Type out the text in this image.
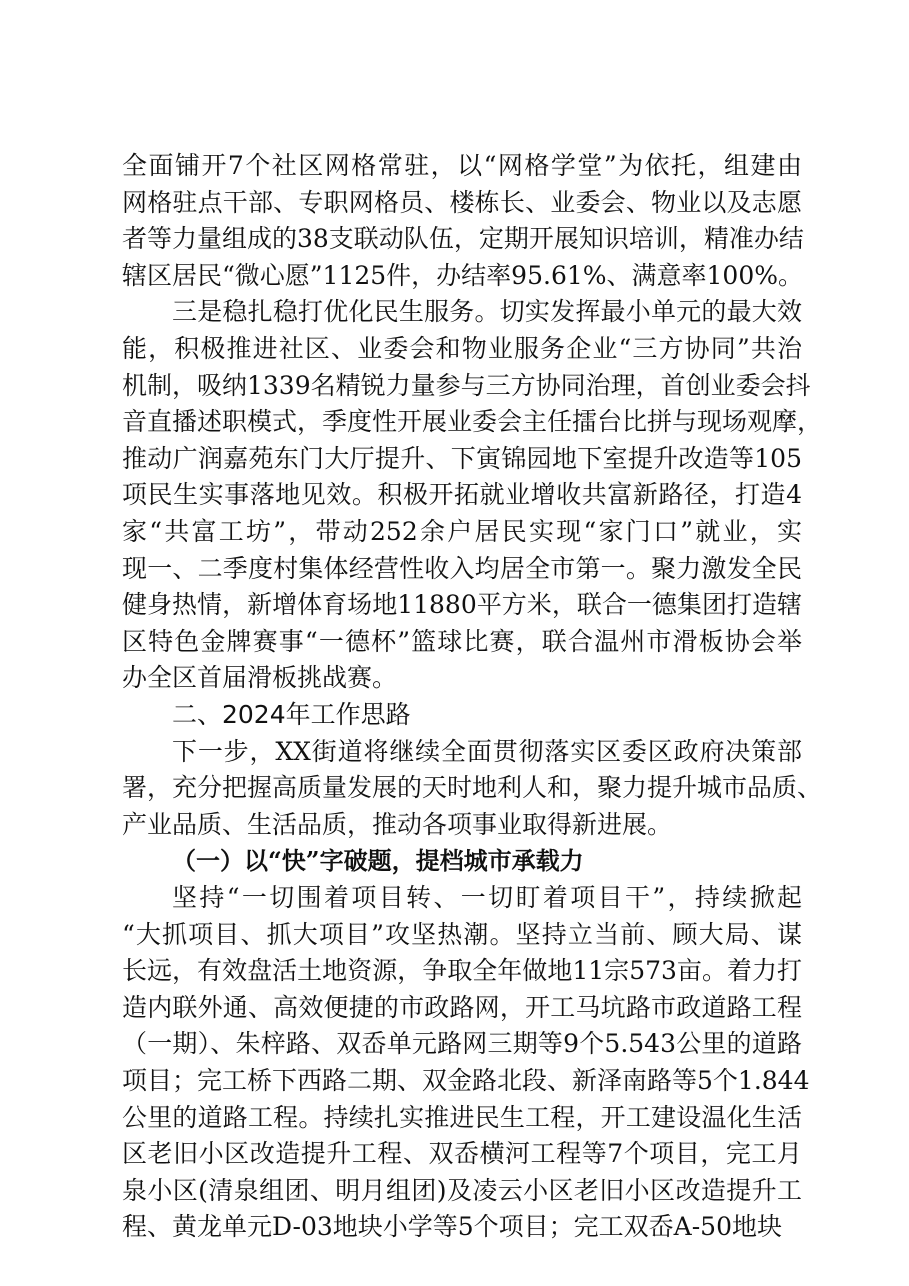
全面铺开7个社区网格常驻，以“网格学堂”为依托，组建由
网格驻点干部、专职网格员、楼栋长、业委会、物业以及志愿
者等力量组成的38支联动队伍，定期开展知识培训，精准办结
辖区居民“微心愿”1125件，办结率95.61%、满意率100%。
三是稳扎稳打优化民生服务。切实发挥最小单元的最大效
能，积极推进社区、业委会和物业服务企业“三方协同”共治
机制，吸纳1339名精锐力量参与三方协同治理，首创业委会抖
音直播述职模式，季度性开展业委会主任擂台比拼与现场观摩，
推动广润嘉苑东门大厅提升、下寅锦园地下室提升改造等105
项民生实事落地见效。积极开拓就业增收共富新路径，打造4
家“共富工坊”，带动252余户居民实现“家门口”就业，实
现一、二季度村集体经营性收入均居全市第一。聚力激发全民
健身热情，新增体育场地11880平方米，联合一德集团打造辖
区特色金牌赛事“一德杯”篮球比赛，联合温州市滑板协会举
办全区首届滑板挑战赛。
二、2024年工作思路
下一步，XX街道将继续全面贯彻落实区委区政府决策部
署，充分把握高质量发展的天时地利人和，聚力提升城市品质、
产业品质、生活品质，推动各项事业取得新进展。
（一）以“快”字破题，提档城市承载力
坚持“一切围着项目转、一切盯着项目干”，持续掀起
“大抓项目、抓大项目”攻坚热潮。坚持立当前、顾大局、谋
长远，有效盘活土地资源，争取全年做地11宗573亩。着力打
造内联外通、高效便捷的市政路网，开工马坑路市政道路工程
（一期）、朱梓路、双岙单元路网三期等9个5.543公里的道路
项目；完工桥下西路二期、双金路北段、新泽南路等5个1.844
公里的道路工程。持续扎实推进民生工程，开工建设温化生活
区老旧小区改造提升工程、双岙横河工程等7个项目，完工月
泉小区(清泉组团、明月组团)及凌云小区老旧小区改造提升工
程、黄龙单元D-03地块小学等5个项目；完工双岙A-50地块
